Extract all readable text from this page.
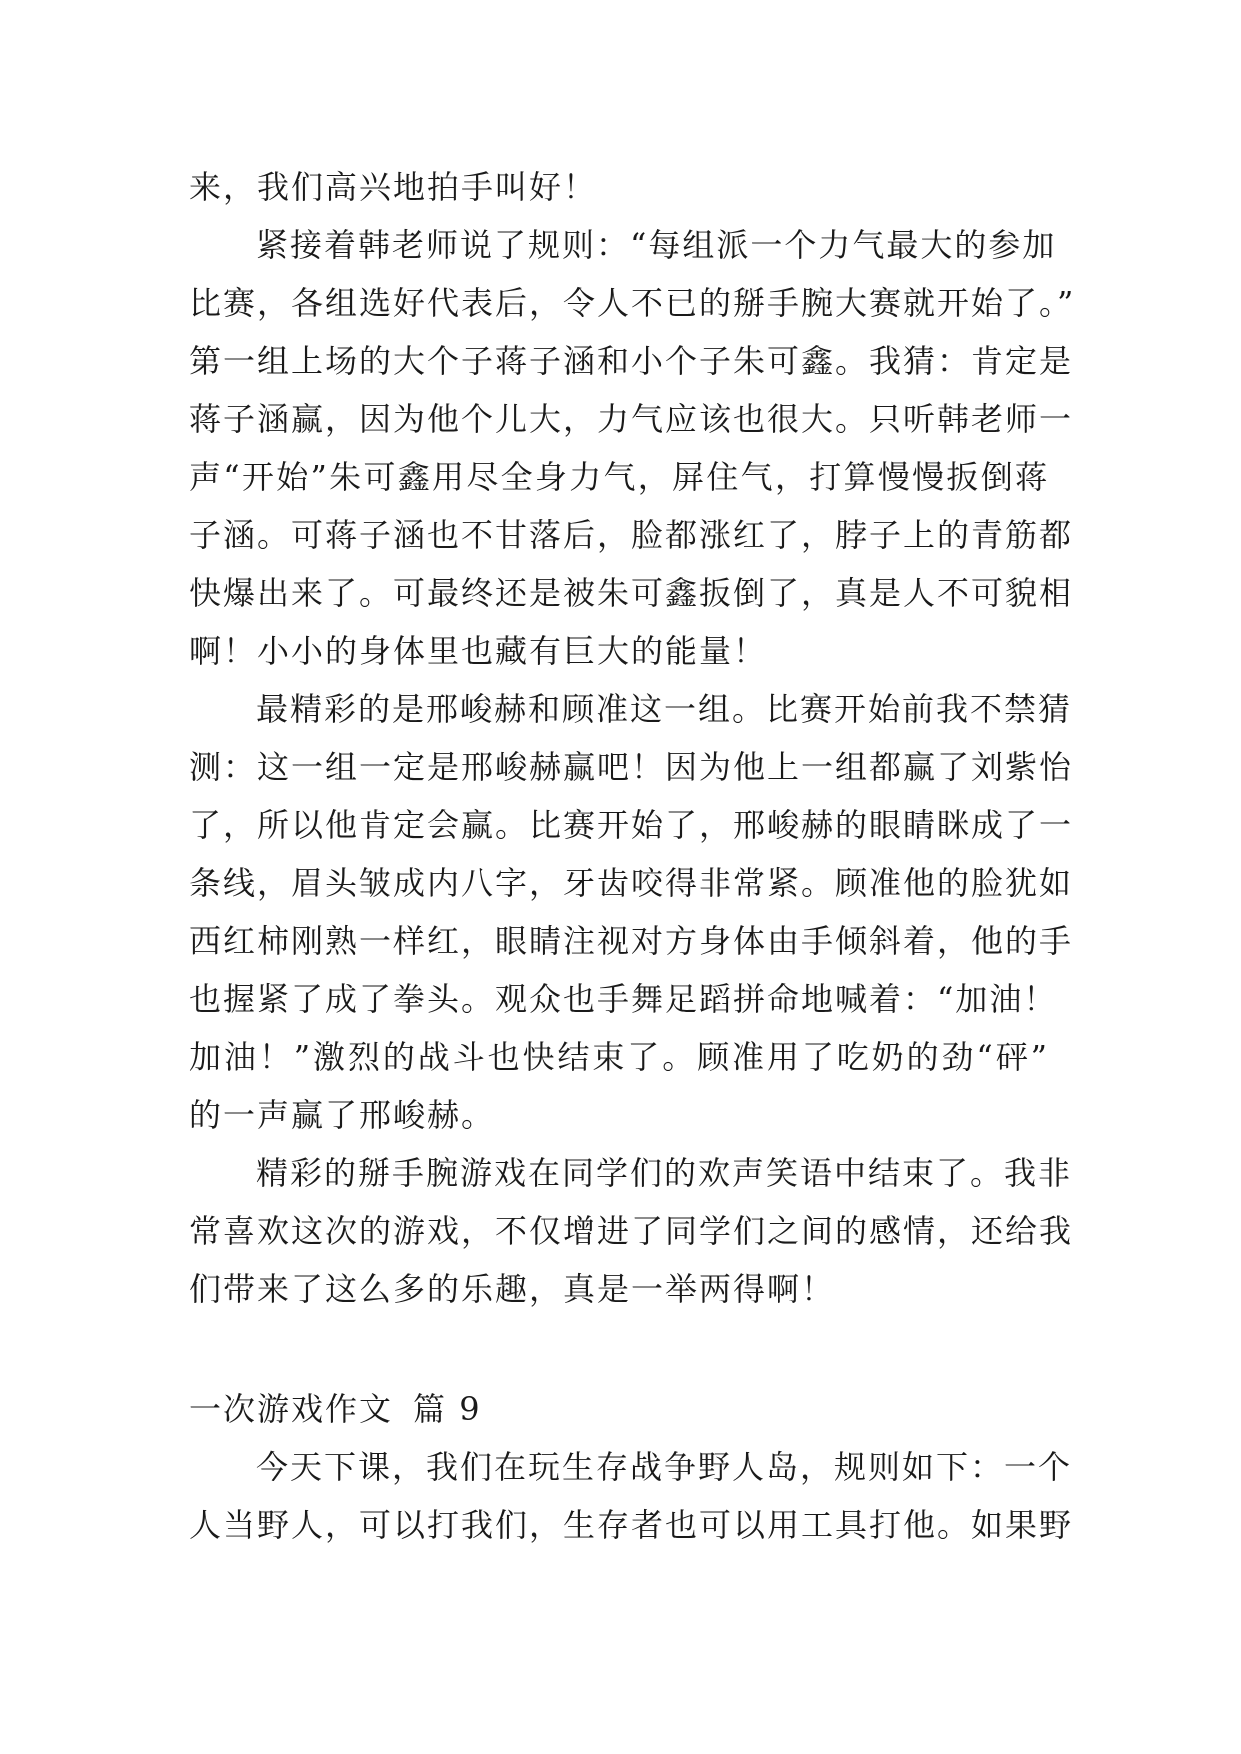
来，我们高兴地拍手叫好！
紧接着韩老师说了规则：“每组派一个力气最大的参加
比赛，各组选好代表后，令人不已的掰手腕大赛就开始了。”
第一组上场的大个子蒋子涵和小个子朱可鑫。我猜：肯定是
蒋子涵赢，因为他个儿大，力气应该也很大。只听韩老师一
声“开始”朱可鑫用尽全身力气，屏住气，打算慢慢扳倒蒋
子涵。可蒋子涵也不甘落后，脸都涨红了，脖子上的青筋都
快爆出来了。可最终还是被朱可鑫扳倒了，真是人不可貌相
啊！小小的身体里也藏有巨大的能量！
最精彩的是邢峻赫和顾准这一组。比赛开始前我不禁猜
测：这一组一定是邢峻赫赢吧！因为他上一组都赢了刘紫怡
了，所以他肯定会赢。比赛开始了，邢峻赫的眼睛眯成了一
条线，眉头皱成内八字，牙齿咬得非常紧。顾准他的脸犹如
西红柿刚熟一样红，眼睛注视对方身体由手倾斜着，他的手
也握紧了成了拳头。观众也手舞足蹈拼命地喊着：“加油！
加油！”激烈的战斗也快结束了。顾准用了吃奶的劲“砰”
的一声赢了邢峻赫。
精彩的掰手腕游戏在同学们的欢声笑语中结束了。我非
常喜欢这次的游戏，不仅增进了同学们之间的感情，还给我
们带来了这么多的乐趣，真是一举两得啊！
一次游戏作文 篇 9
今天下课，我们在玩生存战争野人岛，规则如下：一个
人当野人，可以打我们，生存者也可以用工具打他。如果野
